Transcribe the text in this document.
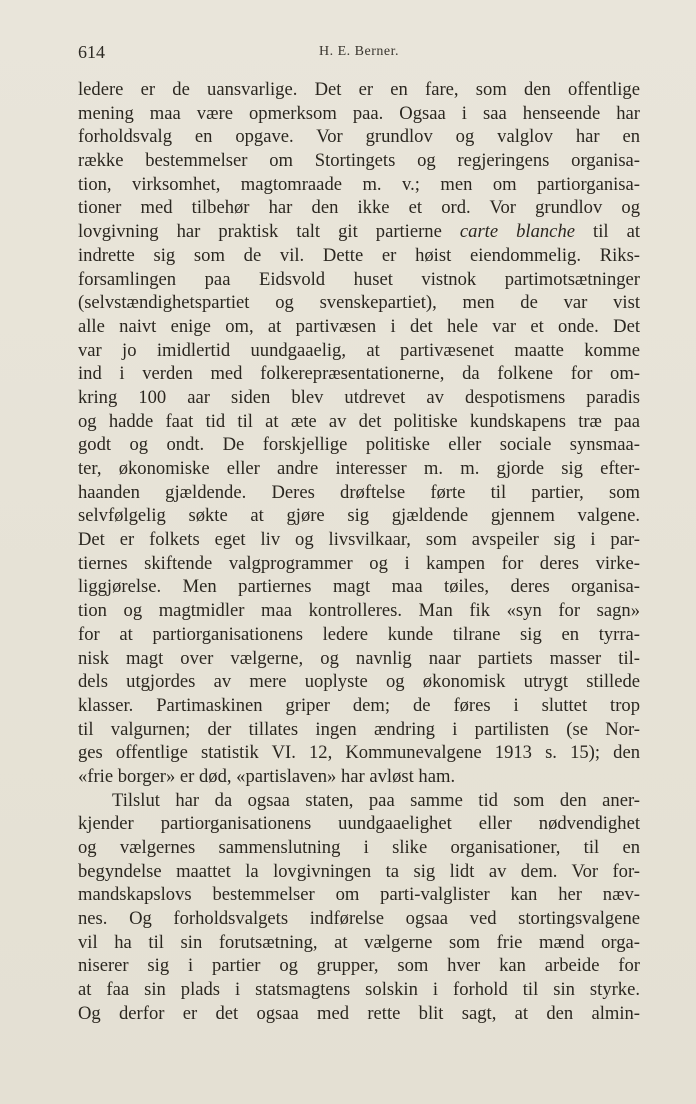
614	H. E. Berner.
ledere er de uansvarlige. Det er en fare, som den offentlige
mening maa være opmerksom paa. Ogsaa i saa henseende har
forholdsvalg en opgave. Vor grundlov og valglov har en
række bestemmelser om Stortingets og regjeringens organisa-
tion, virksomhet, magtomraade m. v.; men om partiorganisa-
tioner med tilbehør har den ikke et ord. Vor grundlov og
lovgivning har praktisk talt git partierne carte blanche til at
indrette sig som de vil. Dette er høist eiendommelig. Riks-
forsamlingen paa Eidsvold huset vistnok partimotsætninger
(selvstændighetspartiet og svenskepartiet), men de var vist
alle naivt enige om, at partivæsen i det hele var et onde. Det
var jo imidlertid uundgaaelig, at partivæsenet maatte komme
ind i verden med folkerepræsentationerne, da folkene for om-
kring 100 aar siden blev utdrevet av despotismens paradis
og hadde faat tid til at æte av det politiske kundskapens træ paa
godt og ondt. De forskjellige politiske eller sociale synsmaa-
ter, økonomiske eller andre interesser m. m. gjorde sig efter-
haanden gjældende. Deres drøftelse førte til partier, som
selvfølgelig søkte at gjøre sig gjældende gjennem valgene.
Det er folkets eget liv og livsvilkaar, som avspeiler sig i par-
tiernes skiftende valgprogrammer og i kampen for deres virke-
liggjørelse. Men partiernes magt maa tøiles, deres organisa-
tion og magtmidler maa kontrolleres. Man fik «syn for sagn»
for at partiorganisationens ledere kunde tilrane sig en tyrra-
nisk magt over vælgerne, og navnlig naar partiets masser til-
dels utgjordes av mere uoplyste og økonomisk utrygt stillede
klasser. Partimaskinen griper dem; de føres i sluttet trop
til valgurnen; der tillates ingen ændring i partilisten (se Nor-
ges offentlige statistik VI. 12, Kommunevalgene 1913 s. 15); den
«frie borger» er død, «partislaven» har avløst ham.
Tilslut har da ogsaa staten, paa samme tid som den aner-
kjender partiorganisationens uundgaaelighet eller nødvendighet
og vælgernes sammenslutning i slike organisationer, til en
begyndelse maattet la lovgivningen ta sig lidt av dem. Vor for-
mandskapslovs bestemmelser om parti-valglister kan her næv-
nes. Og forholdsvalgets indførelse ogsaa ved stortingsvalgene
vil ha til sin forutsætning, at vælgerne som frie mænd orga-
niserer sig i partier og grupper, som hver kan arbeide for
at faa sin plads i statsmagtens solskin i forhold til sin styrke.
Og derfor er det ogsaa med rette blit sagt, at den almin-
